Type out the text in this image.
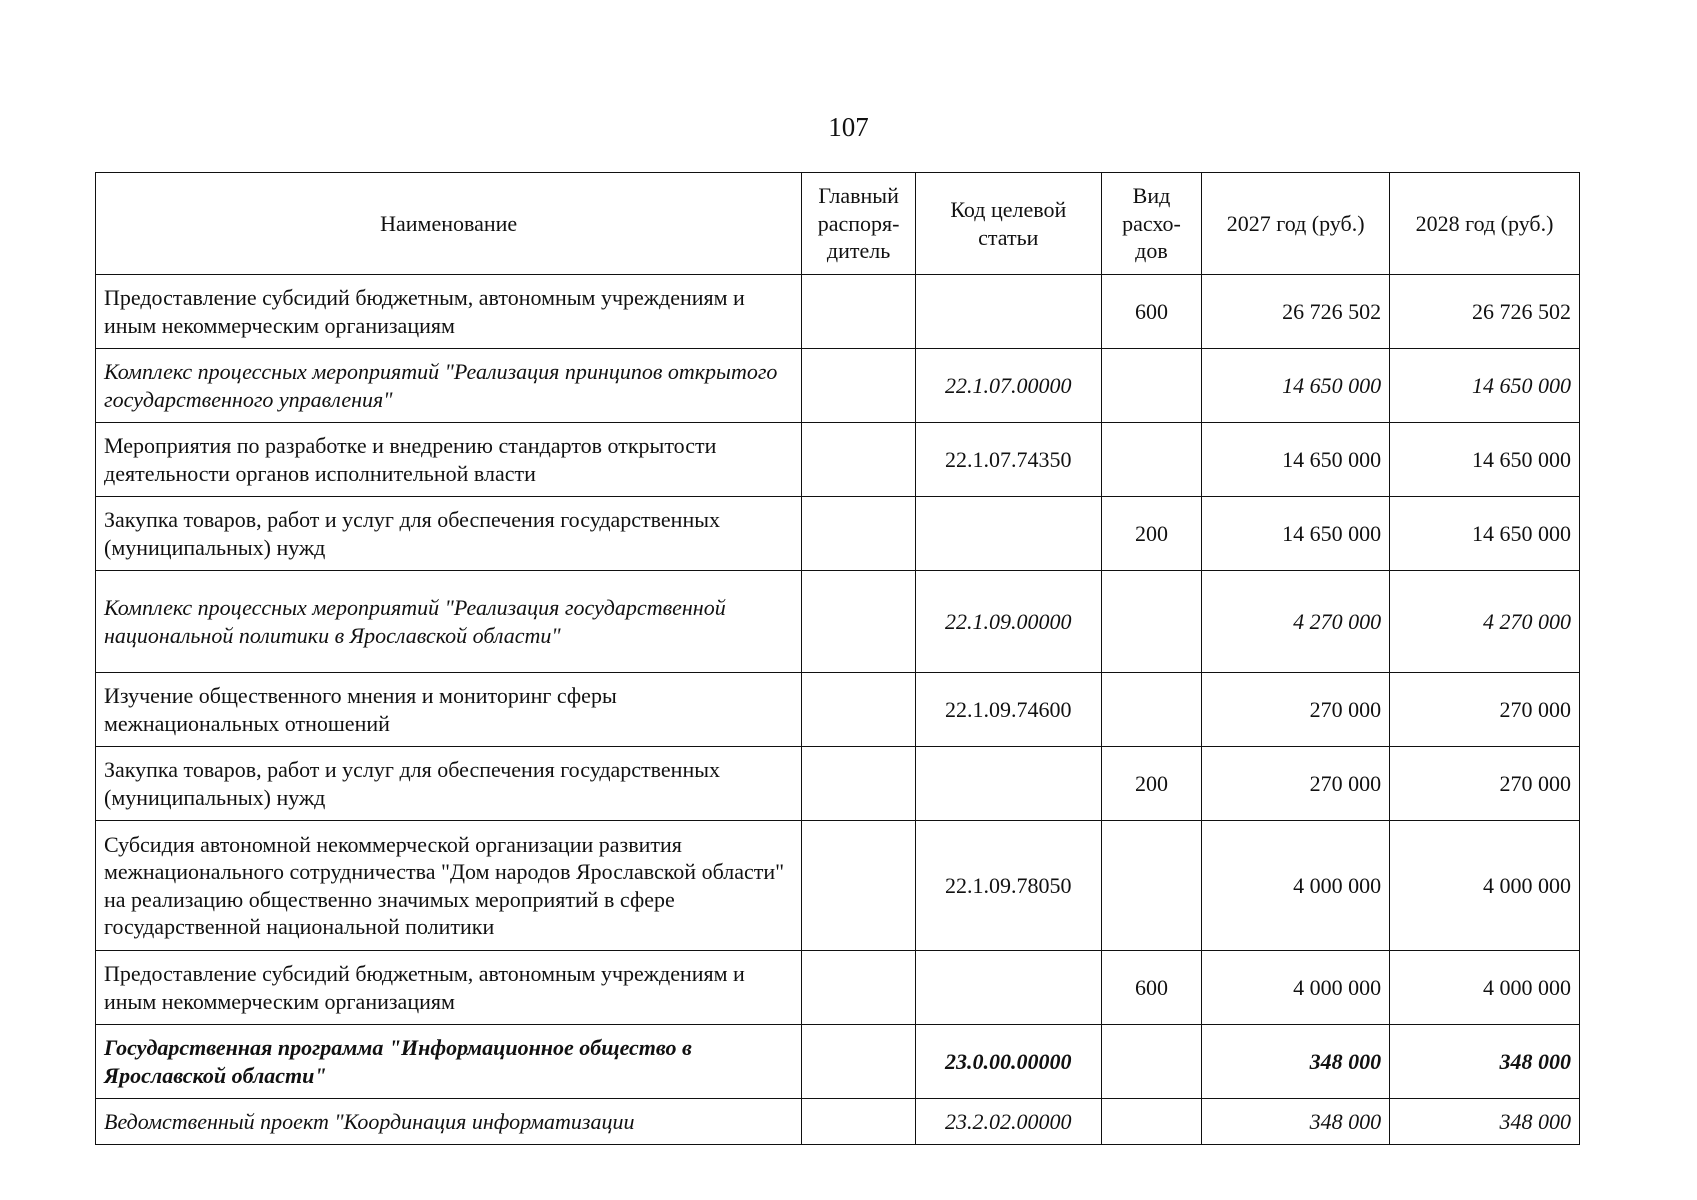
107
Наименование	Главный распоря-дитель	Код целевой статьи	Вид расхо-дов	2027 год (руб.)	2028 год (руб.)
Предоставление субсидий бюджетным, автономным учреждениям и иным некоммерческим организациям			600	26 726 502	26 726 502
Комплекс процессных мероприятий "Реализация принципов открытого государственного управления"		22.1.07.00000		14 650 000	14 650 000
Мероприятия по разработке и внедрению стандартов открытости деятельности органов исполнительной власти		22.1.07.74350		14 650 000	14 650 000
Закупка товаров, работ и услуг для обеспечения государственных (муниципальных) нужд			200	14 650 000	14 650 000
Комплекс процессных мероприятий "Реализация государственной национальной политики в Ярославской области"		22.1.09.00000		4 270 000	4 270 000
Изучение общественного мнения и мониторинг сферы межнациональных отношений		22.1.09.74600		270 000	270 000
Закупка товаров, работ и услуг для обеспечения государственных (муниципальных) нужд			200	270 000	270 000
Субсидия автономной некоммерческой организации развития межнационального сотрудничества "Дом народов Ярославской области" на реализацию общественно значимых мероприятий в сфере государственной национальной политики		22.1.09.78050		4 000 000	4 000 000
Предоставление субсидий бюджетным, автономным учреждениям и иным некоммерческим организациям			600	4 000 000	4 000 000
Государственная программа "Информационное общество в Ярославской области"		23.0.00.00000		348 000	348 000
Ведомственный проект "Координация информатизации		23.2.02.00000		348 000	348 000
